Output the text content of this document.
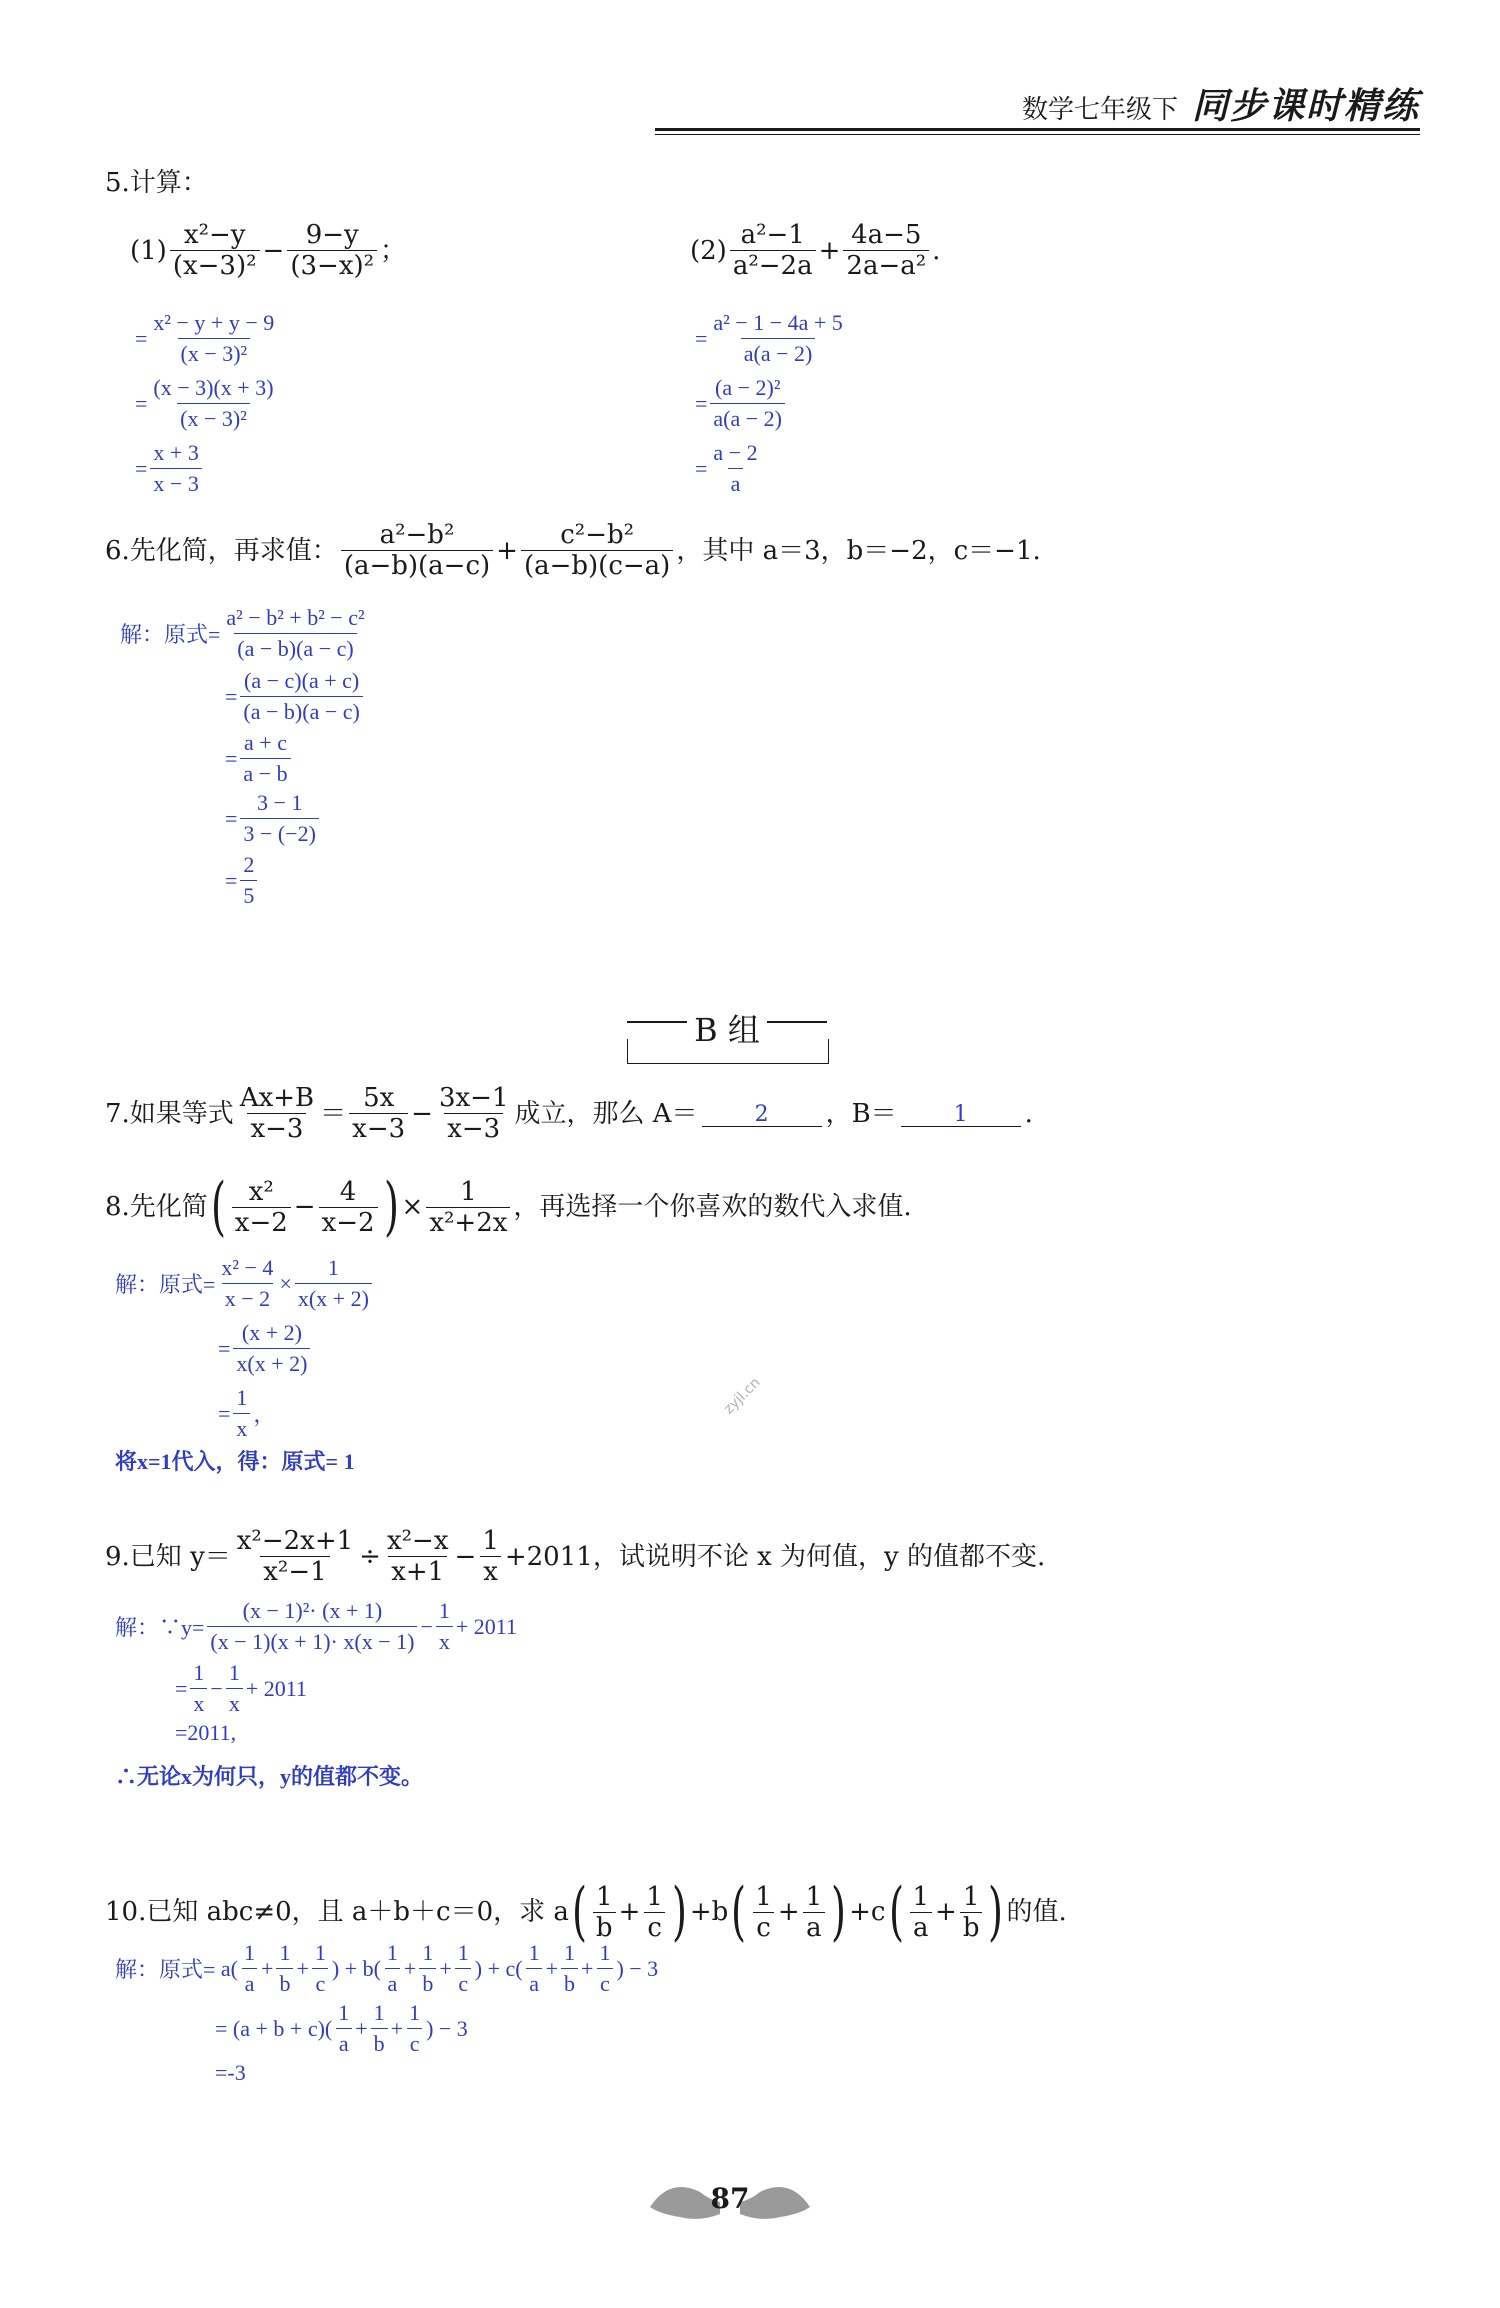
数学七年级下 同步课时精练
5.计算：
$(1) \frac{\text{x²−y}}{\text{(x−3)²}} - \frac{9-y}{\text{(3−x)²}}$ ；	$(2) \frac{\text{a²−1}}{\text{a²−2a}} + \frac{4a-5}{\text{2a−a²}}$ .
= $\frac{\text{x² − y + y − 9}}{\text{(x − 3)²}}$
= $\frac{(x - 3)(x + 3)}{\text{(x − 3)²}}$
= $\frac{x + 3}{x - 3}$
= $\frac{\text{a² − 1 − 4a + 5}}{a(a - 2)}$
= $\frac{\text{(a − 2)²}}{a(a - 2)}$
= $\frac{a - 2}{a}$
6.先化简，再求值： $\frac{\text{a²−b²}}{(a-b)(a-c)} + \frac{\text{c²−b²}}{(a-b)(c-a)}$ ，其中 a＝3，b＝−2，c＝−1.
解：原式= $\frac{\text{a² − b² + b² − c²}}{(a - b)(a - c)}$
= $\frac{(a - c)(a + c)}{(a - b)(a - c)}$
= $\frac{a + c}{a - b}$
= $\frac{3 - 1}{3 - (-2)}$
= $\frac{2}{5}$
B 组
7.如果等式 $\frac{Ax+B}{x-3} = \frac{5x}{x-3} - \frac{3x-1}{x-3}$ 成立，那么 A＝	2	，B＝	1	.
8.先化简 ( $\frac{\text{x²}}{x-2} - \frac{4}{x-2}$ ) × $\frac{1}{\text{x²+2x}}$ ，再选择一个你喜欢的数代入求值.
解：原式= $\frac{\text{x² − 4}}{x - 2} \times \frac{1}{x(x + 2)}$
= $\frac{(x + 2)}{x(x + 2)}$
= $\frac{1}{x}$ ，
将x=1代入，得：原式= 1
zyjl.cn
9.已知 $y= \frac{\text{x²−2x+1}}{\text{x²−1}} \div \frac{\text{x²−x}}{x+1} - \frac{1}{x} +2011$，试说明不论 x 为何值，y 的值都不变.
解：∵y= $\frac{\text{(x − 1)²· (x + 1)}}{(x - 1)(x + 1)\cdot x(x - 1)} - \frac{1}{x} + 2011$
= $\frac{1}{x} - \frac{1}{x} + 2011$
=2011,
∴无论x为何只，y的值都不变。
10.已知 abc≠0，且 a＋b＋c＝0，求 a ( $\frac{1}{b} + \frac{1}{c}$ ) +b ( $\frac{1}{c} + \frac{1}{a}$ ) +c ( $\frac{1}{a} + \frac{1}{b}$ ) 的值.
解：原式= $a( \frac{1}{a} + \frac{1}{b} + \frac{1}{c}$ ) + $b( \frac{1}{a} + \frac{1}{b} + \frac{1}{c}$ ) + $c( \frac{1}{a} + \frac{1}{b} + \frac{1}{c}$ ) − 3
= $(a + b + c)( \frac{1}{a} + \frac{1}{b} + \frac{1}{c}$ ) − 3
=-3
87
